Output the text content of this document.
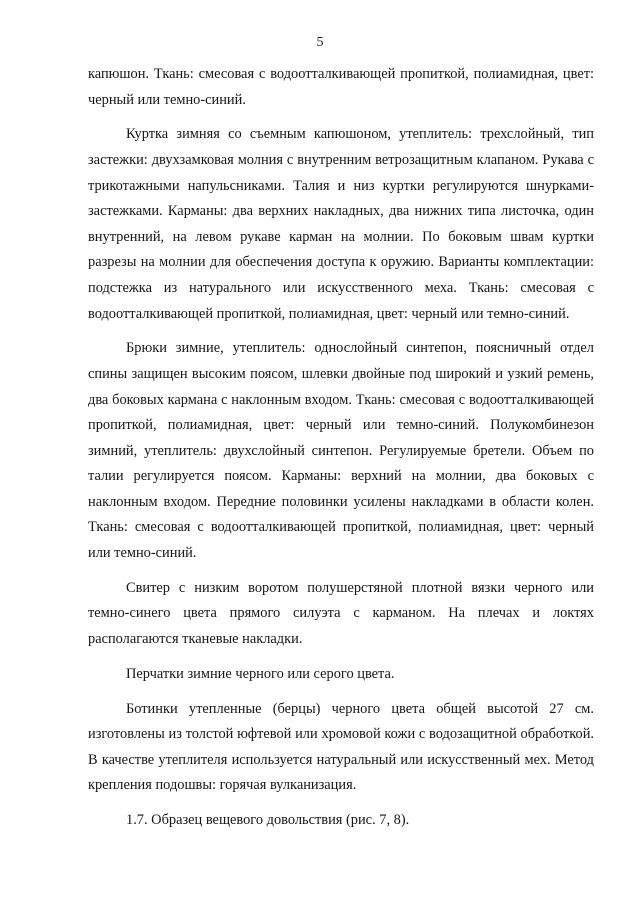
5

капюшон. Ткань: смесовая с водоотталкивающей пропиткой, полиамидная, цвет: черный или темно-синий.

Куртка зимняя со съемным капюшоном, утеплитель: трехслойный, тип застежки: двухзамковая молния с внутренним ветрозащитным клапаном. Рукава с трикотажными напульсниками. Талия и низ куртки регулируются шнурками-застежками. Карманы: два верхних накладных, два нижних типа листочка, один внутренний, на левом рукаве карман на молнии. По боковым швам куртки разрезы на молнии для обеспечения доступа к оружию. Варианты комплектации: подстежка из натурального или искусственного меха. Ткань: смесовая с водоотталкивающей пропиткой, полиамидная, цвет: черный или темно-синий.

Брюки зимние, утеплитель: однослойный синтепон, поясничный отдел спины защищен высоким поясом, шлевки двойные под широкий и узкий ремень, два боковых кармана с наклонным входом. Ткань: смесовая с водоотталкивающей пропиткой, полиамидная, цвет: черный или темно-синий. Полукомбинезон зимний, утеплитель: двухслойный синтепон. Регулируемые бретели. Объем по талии регулируется поясом. Карманы: верхний на молнии, два боковых с наклонным входом. Передние половинки усилены накладками в области колен. Ткань: смесовая с водоотталкивающей пропиткой, полиамидная, цвет: черный или темно-синий.

Свитер с низким воротом полушерстяной плотной вязки черного или темно-синего цвета прямого силуэта с карманом. На плечах и локтях располагаются тканевые накладки.

Перчатки зимние черного или серого цвета.

Ботинки утепленные (берцы) черного цвета общей высотой 27 см. изготовлены из толстой юфтевой или хромовой кожи с водозащитной обработкой. В качестве утеплителя используется натуральный или искусственный мех. Метод крепления подошвы: горячая вулканизация.

1.7. Образец вещевого довольствия (рис. 7, 8).
